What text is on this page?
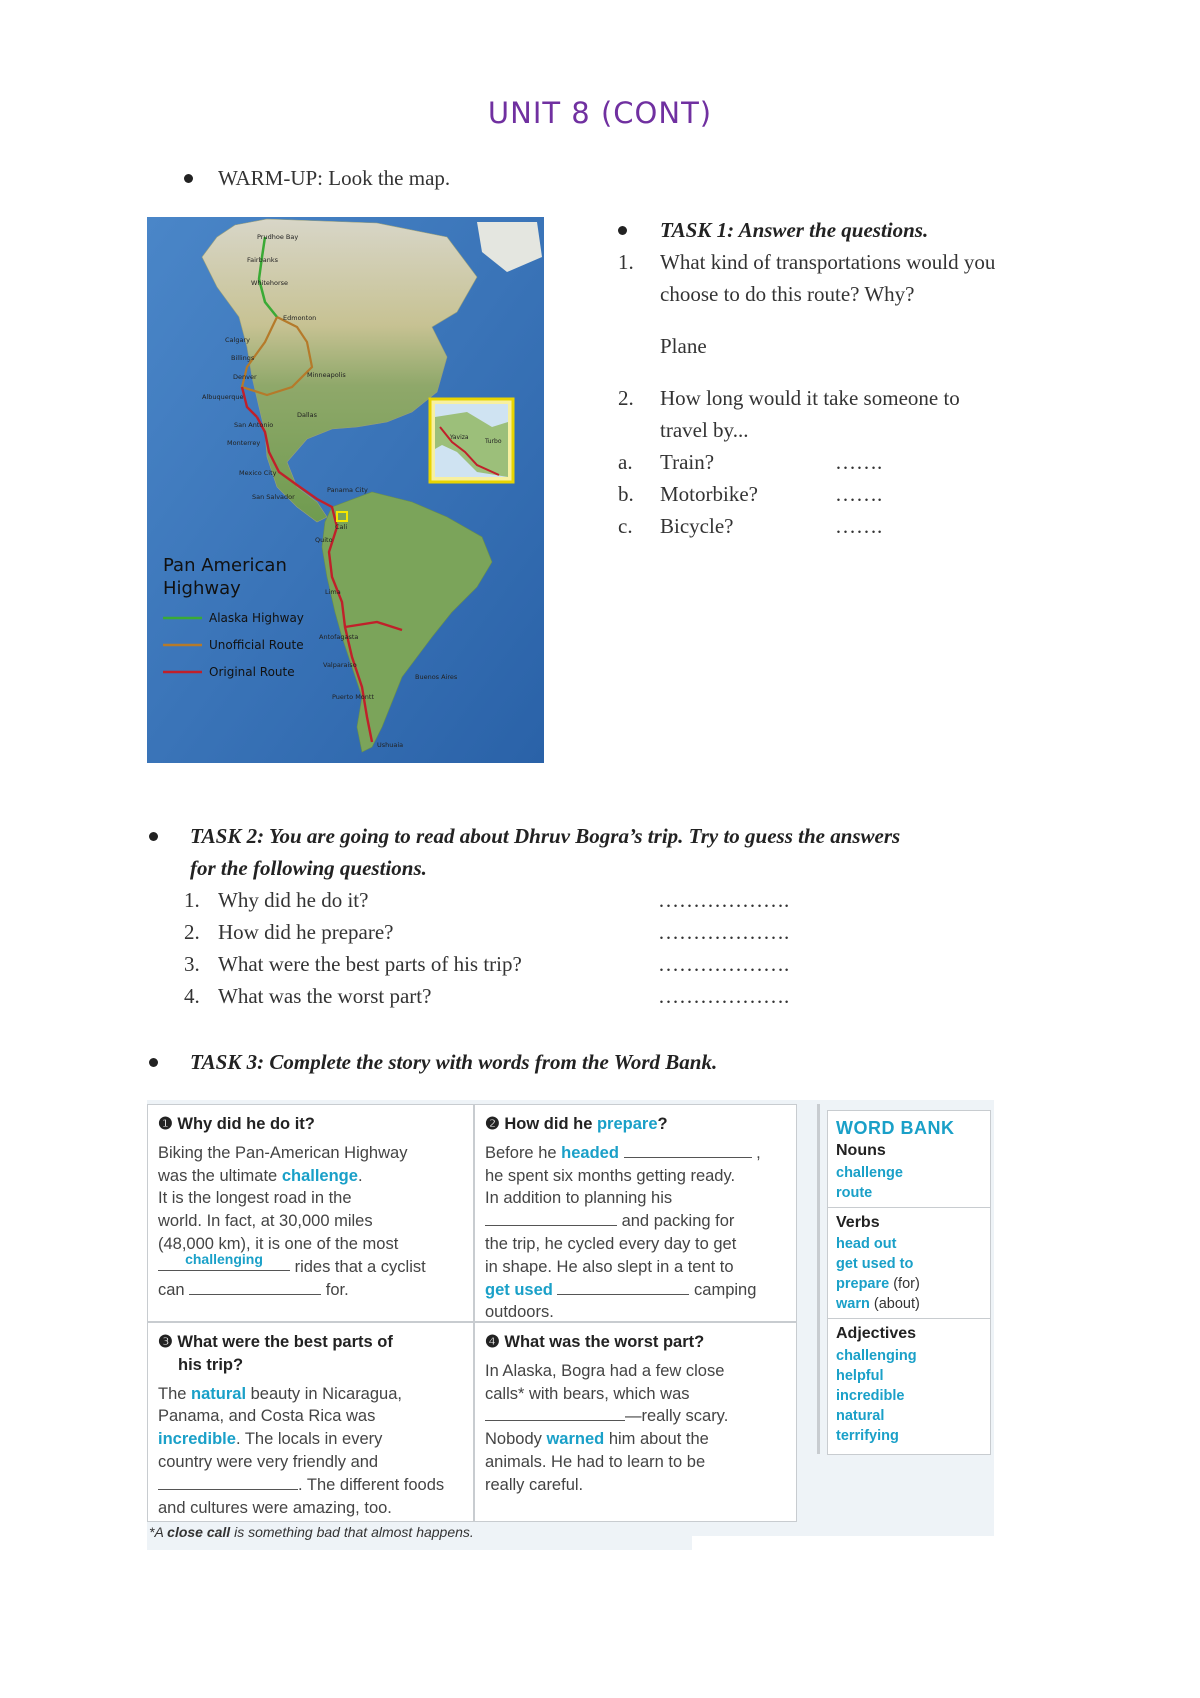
UNIT 8 (CONT)
WARM-UP: Look the map.
Yaviza
Turbo
Prudhoe Bay
Fairbanks
Whitehorse
Edmonton
Calgary
Billings
Denver
Albuquerque
Minneapolis
Dallas
San Antonio
Monterrey
Mexico City
San Salvador
Panama City
Cali
Quito
Lima
Antofagasta
Valparaiso
Buenos Aires
Puerto Montt
Ushuaia
Pan American
Highway
Alaska Highway
Unofficial Route
Original Route
TASK 1: Answer the questions.
1. What kind of transportations would you
choose to do this route? Why?
Plane
2. How long would it take someone to
travel by...
a. Train?	…….
b. Motorbike?	…….
c. Bicycle?	…….
TASK 2: You are going to read about Dhruv Bogra’s trip. Try to guess the answers
for the following questions.
1. Why did he do it?	……………….
2. How did he prepare?	……………….
3. What were the best parts of his trip?	……………….
4. What was the worst part?	……………….
TASK 3: Complete the story with words from the Word Bank.
❶ Why did he do it?
Biking the Pan-American Highway
was the ultimate challenge.
It is the longest road in the
world. In fact, at 30,000 miles
(48,000 km), it is one of the most
$^{challenging}$ rides that a cyclist
can	for.
❷ How did he prepare?
Before he headed	,
he spent six months getting ready.
In addition to planning his
and packing for
the trip, he cycled every day to get
in shape. He also slept in a tent to
get used	camping
outdoors.
❸ What were the best parts of
his trip?
The natural beauty in Nicaragua,
Panama, and Costa Rica was
incredible. The locals in every
country were very friendly and
. The different foods
and cultures were amazing, too.
❹ What was the worst part?
In Alaska, Bogra had a few close
calls* with bears, which was
—really scary.
Nobody warned him about the
animals. He had to learn to be
really careful.
WORD BANK
Nouns
challenge
route
Verbs
head out
get used to
prepare (for)
warn (about)
Adjectives
challenging
helpful
incredible
natural
terrifying
*A close call is something bad that almost happens.
